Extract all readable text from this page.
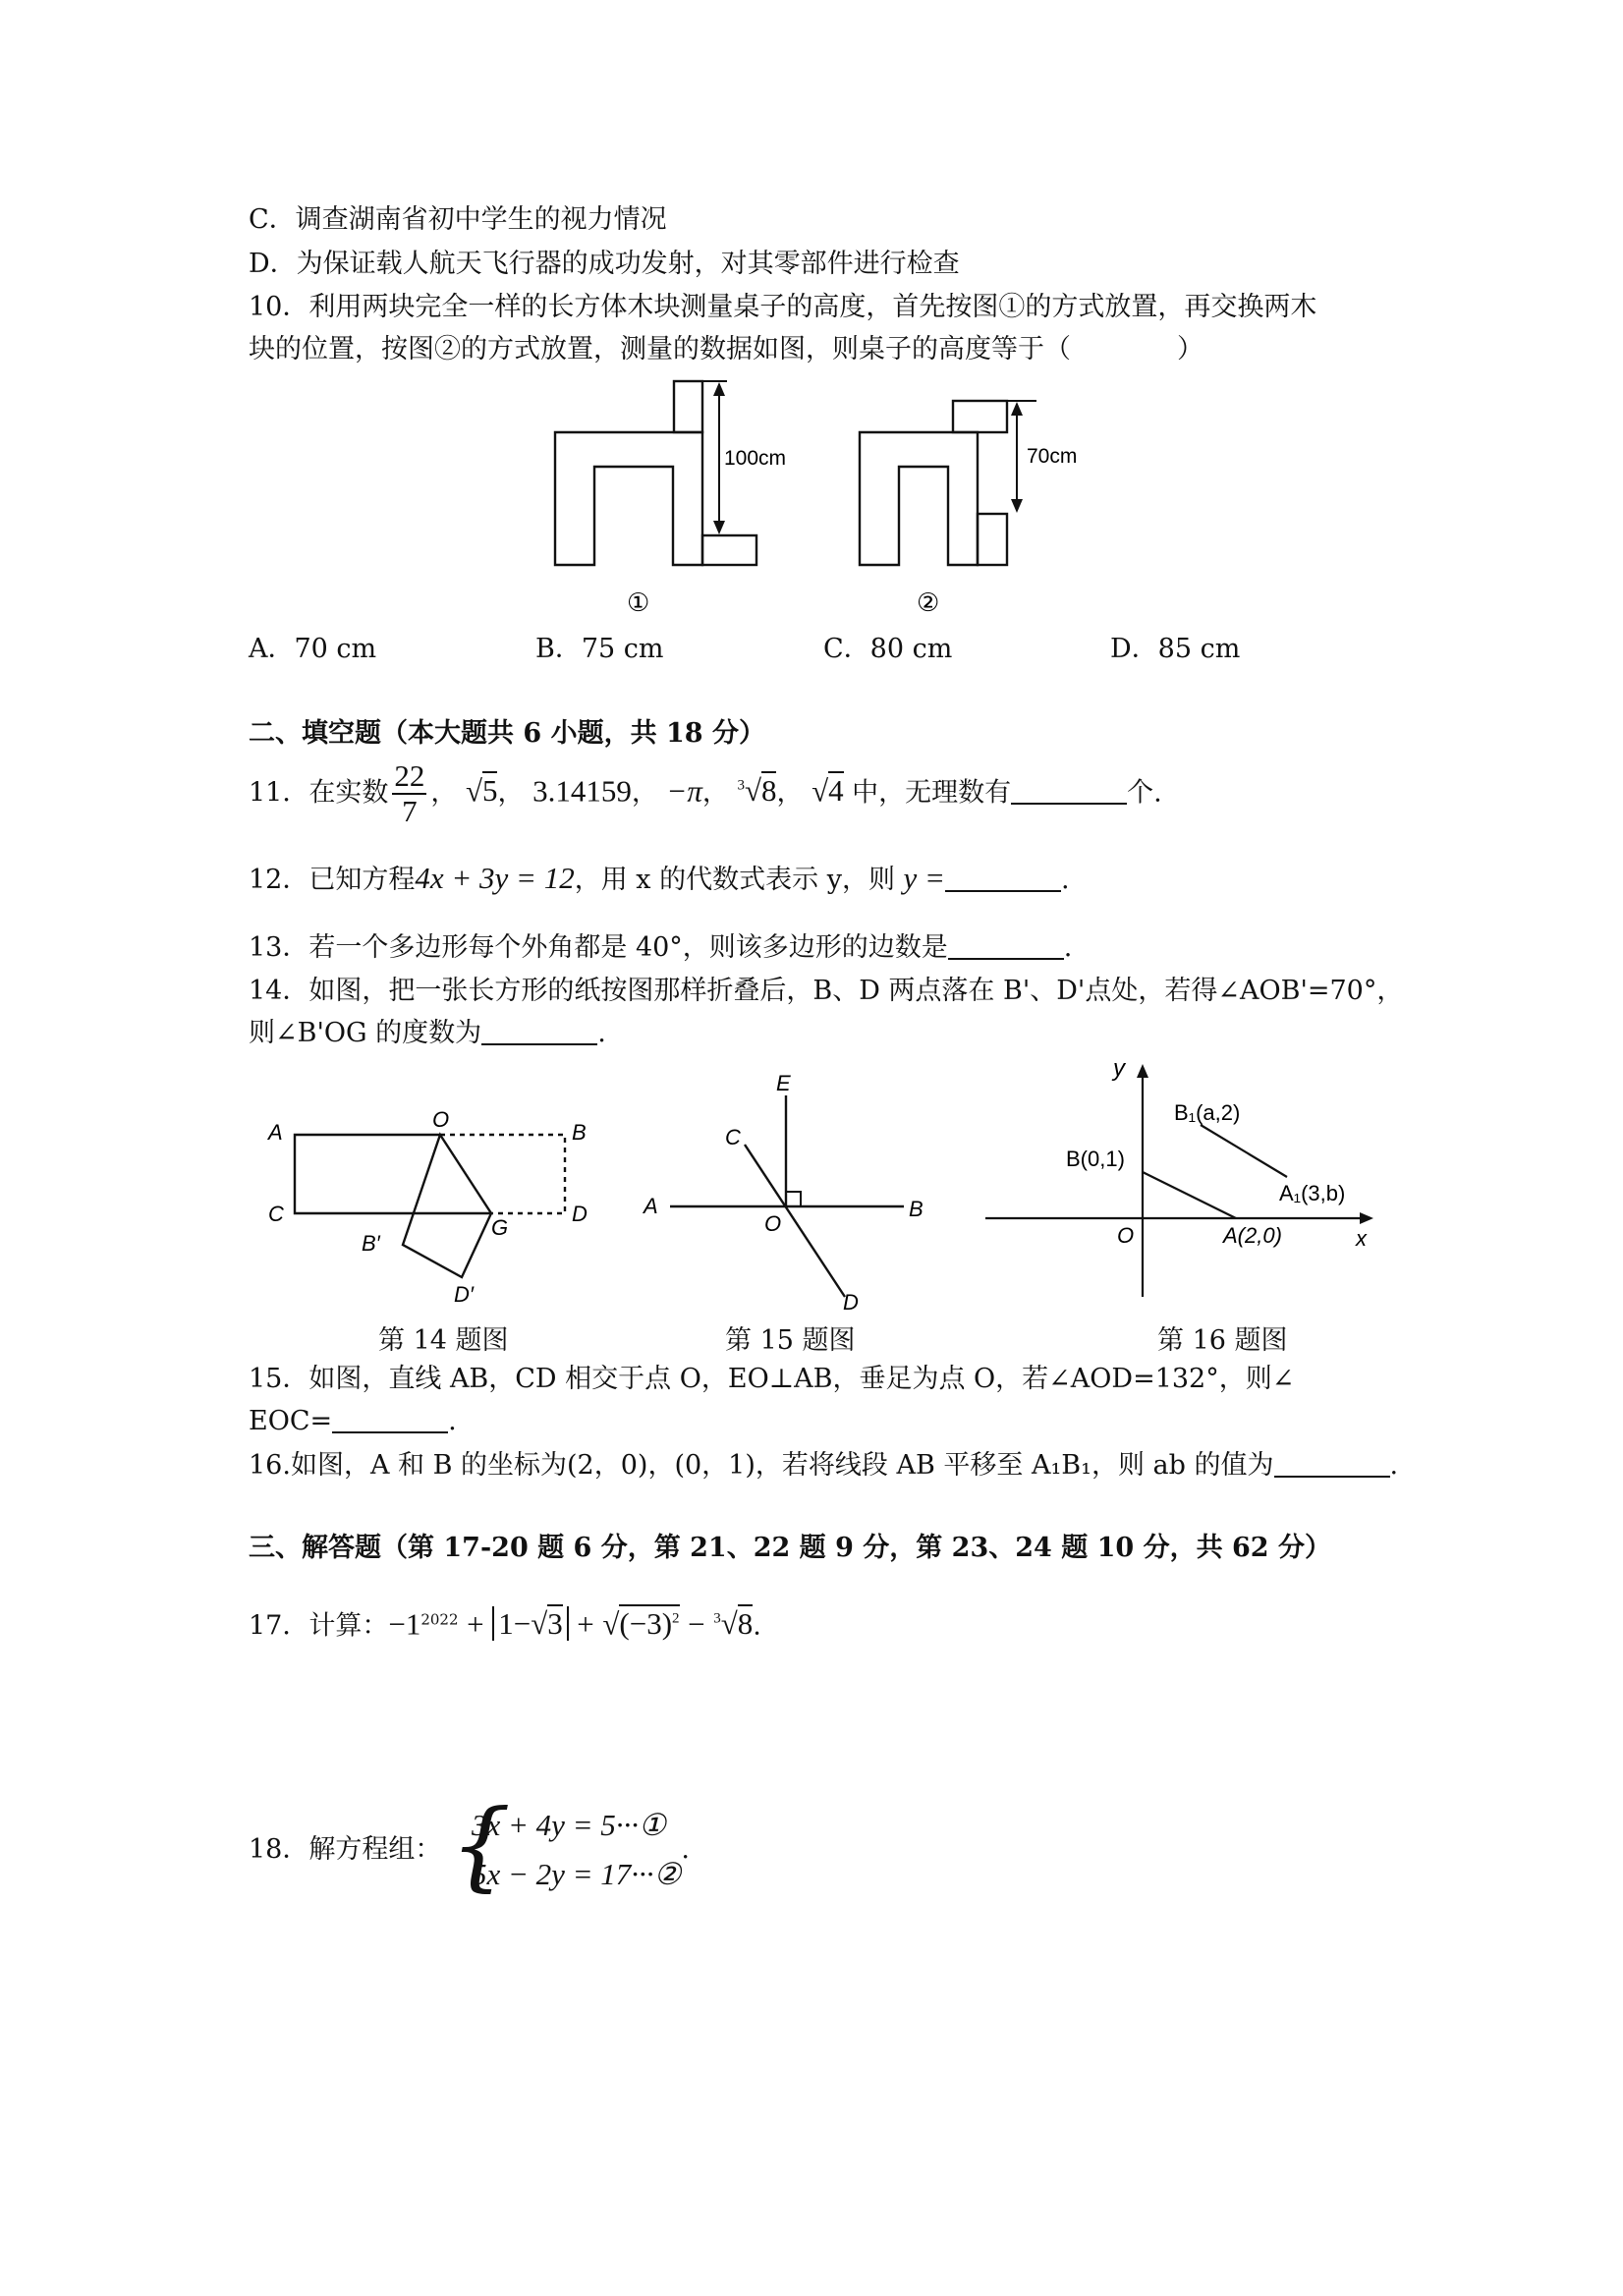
C．调查湖南省初中学生的视力情况
D．为保证载人航天飞行器的成功发射，对其零部件进行检查
10．利用两块完全一样的长方体木块测量桌子的高度，首先按图①的方式放置，再交换两木
块的位置，按图②的方式放置，测量的数据如图，则桌子的高度等于（　　　　）
100cm
①
70cm
②
A．70 cm	B．75 cm	C．80 cm	D．85 cm
二、填空题（本大题共 6 小题，共 18 分）
11．在实数 $\frac{22}{7}$ ， √5， 3.14159， −π， $^3$√8， √4 中，无理数有	个.
12．已知方程4x + 3y = 12，用 x 的代数式表示 y，则 y =	.
13．若一个多边形每个外角都是 40°，则该多边形的边数是	.
14．如图，把一张长方形的纸按图那样折叠后，B、D 两点落在 B'、D'点处，若得∠AOB'=70°，
则∠B'OG 的度数为	.
A
O
B
C
G
D
B′
D′
第 14 题图
E
C
A	B
O
D
第 15 题图
y
x
O
B(0,1)
A(2,0)
B₁(a,2)
A₁(3,b)
第 16 题图
15．如图，直线 AB，CD 相交于点 O，EO⊥AB，垂足为点 O，若∠AOD=132°，则∠
EOC=	.
16.如图，A 和 B 的坐标为(2，0)，(0，1)，若将线段 AB 平移至 A₁B₁，则 ab 的值为	.
三、解答题（第 17-20 题 6 分，第 21、22 题 9 分，第 23、24 题 10 分，共 62 分）
17．计算：$-1^{2022} + 1-√3 + √(-3)^2 - ^3√8$.
18．解方程组： {
3x + 4y = 5···①
5x − 2y = 17···②
.
